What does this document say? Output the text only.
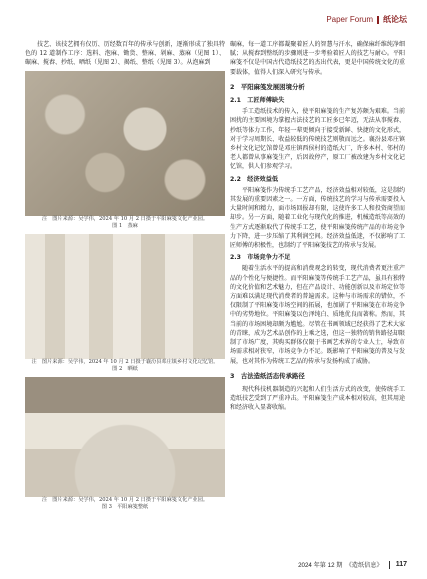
Paper Forum 纸论坛

技艺、该技艺拥有仅历、历经数百年的传承与创新，逐渐形成了独具特色的 12 道制作工序：选料、泡麻、锄货、整麻、剁麻、蒸麻（见图 1）、碾麻、搅舂、抄纸、晒纸（见图 2）、揭纸、整纸（见图 3）。从泡麻到

注　图片来源：吴学伟，2024 年 10 月 2 日摄于平阳麻笺文化产业园。
图 1　蒸麻
注　图片来源：吴学伟，2024 年 10 月 2 日摄于襄汾县邓庄镇乡村文化记忆馆。
图 2　晒纸
注　图片来源：吴学伟，2024 年 10 月 2 日摄于平阳麻笺文化产业园。
图 3　平阳麻笺整纸

碾麻，每一道工序都凝聚着匠人的智慧与汗水，确保麻纤维纯净细腻；从搅舂到整纸的步骤则进一步考验着匠人的技艺与耐心。平阳麻笺不仅是中国古代造纸技艺的杰出代表，更是中国传统文化的重要载体，值得人们深入研究与传承。

2　平阳麻笺发展困境分析
2.1　工匠师傅缺失

手工造纸技术的传入，使平阳麻笺的生产复苏颇为艰难。当前困扰的主要困境为掌握古法技艺的工匠多已年迈，无法从事搅舂、抄纸等体力工作，年轻一辈更倾向于接受新鲜、快捷的文化形式，对于学习周期长、收益较低的传统技艺则敬而远之。襄汾县邓庄镇乡村文化记忆馆曾是邓庄镇西侯村的造纸大厂，许多本村、邻村的老人都曾从事麻笺生产，后因故停产，原工厂被改建为乡村文化记忆馆，供人们参观学习。

2.2　经济效益低

平阳麻笺作为传统手工艺产品，经济效益相对较低，这是制约其发展的重要因素之一。一方面，传统技艺的学习与传承需要投入大量时间和精力，面市场回报却有限，这使许多工人和投资商望而却步。另一方面，随着工业化与现代化的推进，机械造纸等高效的生产方式逐渐取代了传统手工艺，使平阳麻笺传统产品的市场竞争力下降，进一步压缩了其利润空间。经济效益低迷，不仅影响了工匠师傅的积极性，也制约了平阳麻笺技艺的传承与发展。

2.3　市场竞争力不足

随着生活水平的提高和消费观念的转变，现代消费者更注重产品的个性化与便捷性。而平阳麻笺等传统手工艺产品，虽具有独特的文化价值和艺术魅力，但在产品设计、功能创新以及市场定位等方面难以满足现代消费者的普遍需求。这种与市场需求的错位，不仅限制了平阳麻笺市场空间的拓展，也加剧了平阳麻笺在市场竞争中的劣势地位。平阳麻笺以色泽纯白、质地优良而著称。然而，其当前的市场困境却颇为尴尬。尽管在书画领域已经获得了艺术大家的青睐，成为艺术品创作的上乘之选，但这一独特的销售路径却限制了市场广度，其购买群体仅限于书画艺术界的专业人士，导致市场需求相对狭窄，市场竞争力不足。既影响了平阳麻笺的普及与发展，也对其作为传统工艺品的传承与发扬构成了威胁。

3　古法造纸活态传承路径

现代科技机器制造的兴起和人们生活方式的改变，使传统手工造纸技艺受到了严重冲击。平阳麻笺生产成本相对较高，但其用途和经济收入显著收缩。

2024 年第 12 期　《造纸信息》 117
